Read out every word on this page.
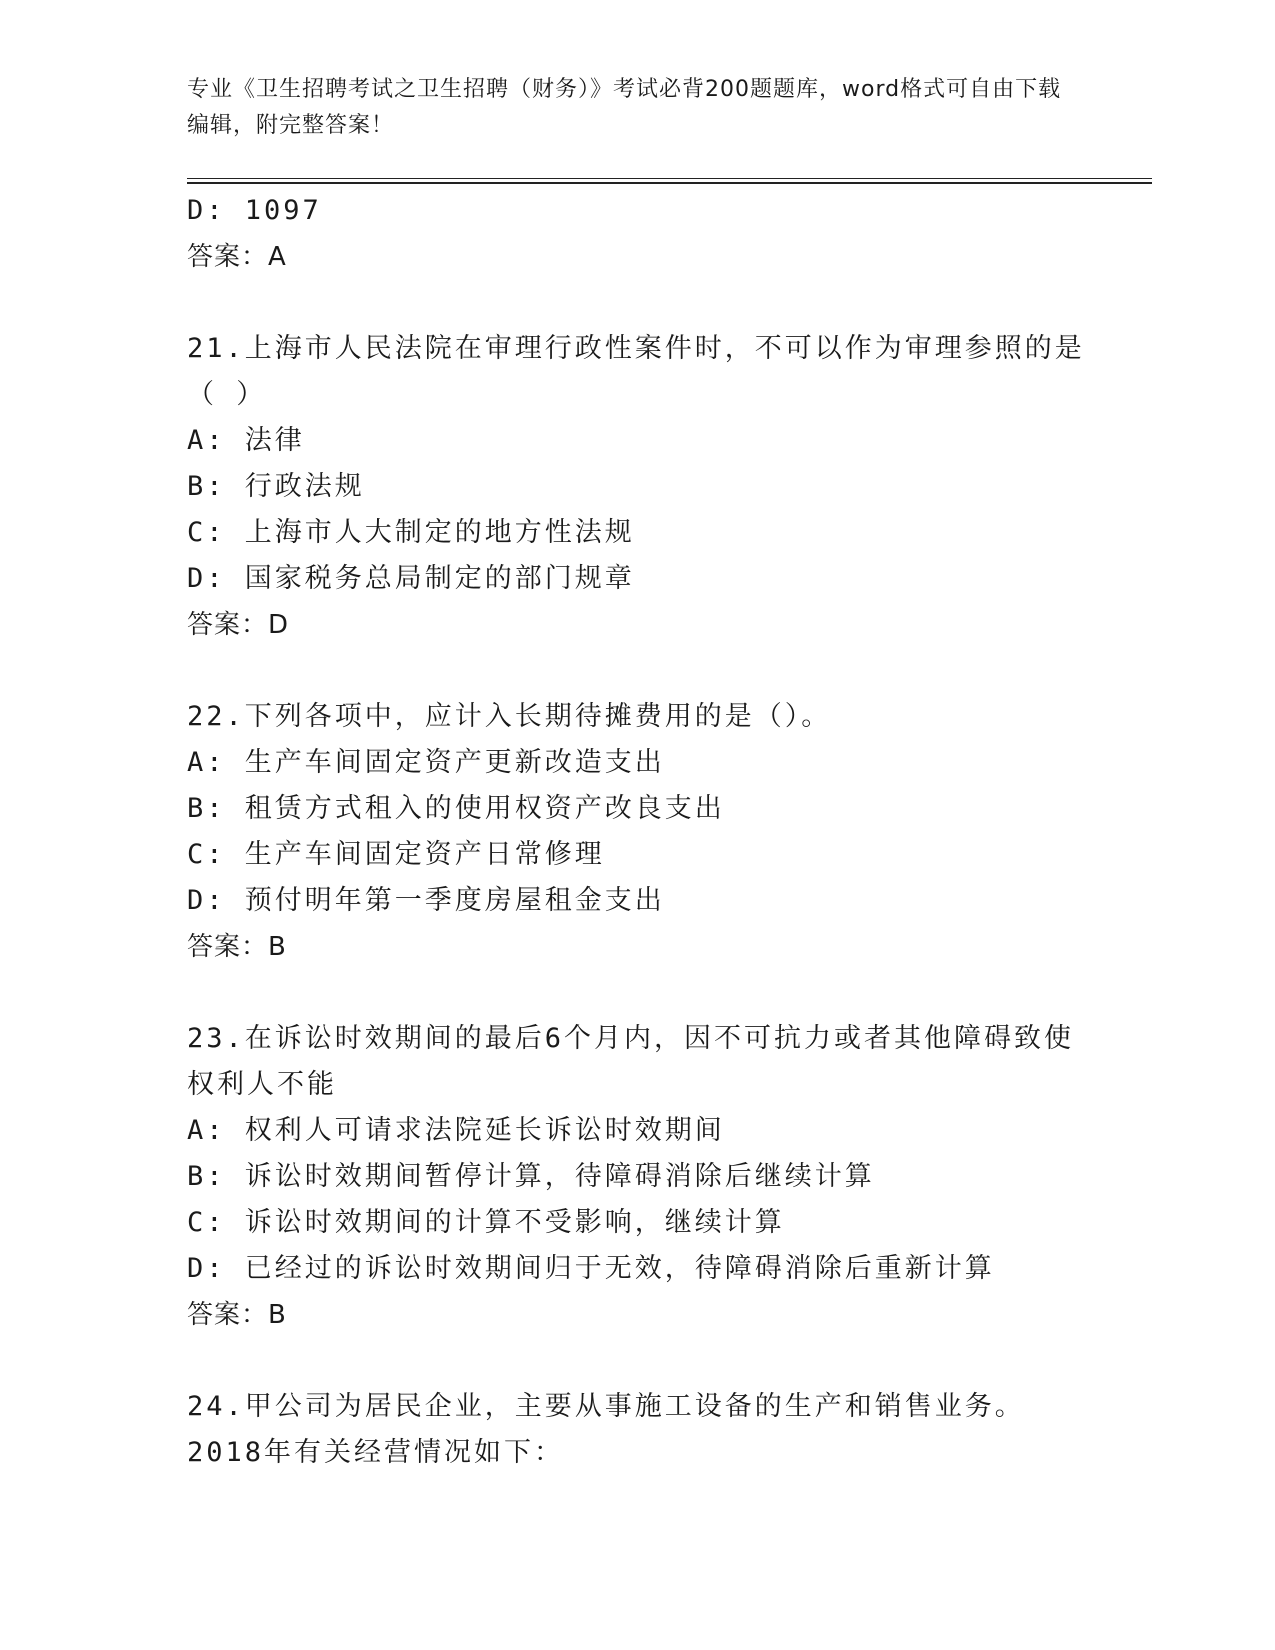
专业《卫生招聘考试之卫生招聘（财务）》考试必背200题题库，word格式可自由下载编辑，附完整答案！
D: 1097
答案：A
21.上海市人民法院在审理行政性案件时，不可以作为审理参照的是（ ）
A: 法律
B: 行政法规
C: 上海市人大制定的地方性法规
D: 国家税务总局制定的部门规章
答案：D
22.下列各项中，应计入长期待摊费用的是（）。
A: 生产车间固定资产更新改造支出
B: 租赁方式租入的使用权资产改良支出
C: 生产车间固定资产日常修理
D: 预付明年第一季度房屋租金支出
答案：B
23.在诉讼时效期间的最后6个月内，因不可抗力或者其他障碍致使权利人不能
A: 权利人可请求法院延长诉讼时效期间
B: 诉讼时效期间暂停计算，待障碍消除后继续计算
C: 诉讼时效期间的计算不受影响，继续计算
D: 已经过的诉讼时效期间归于无效，待障碍消除后重新计算
答案：B
24.甲公司为居民企业，主要从事施工设备的生产和销售业务。2018年有关经营情况如下：
